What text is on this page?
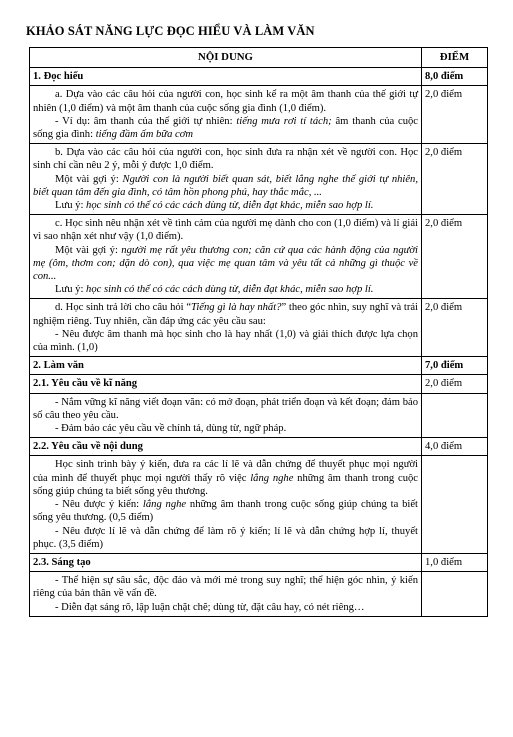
KHẢO SÁT NĂNG LỰC ĐỌC HIỂU VÀ LÀM VĂN
NỘI DUNG	ĐIỂM
1. Đọc hiểu	8,0 điểm

a. Dựa vào các câu hỏi của người con, học sinh kể ra một âm thanh của thế giới tự nhiên (1,0 điểm) và một âm thanh của cuộc sống gia đình (1,0 điểm).

- Ví dụ: âm thanh của thế giới tự nhiên: tiếng mưa rơi tí tách; âm thanh của cuộc sống gia đình: tiếng đầm ấm bữa cơm	2,0 điểm

b. Dựa vào các câu hỏi của người con, học sinh đưa ra nhận xét về người con. Học sinh chỉ cần nêu 2 ý, mỗi ý được 1,0 điểm.

Một vài gợi ý: Người con là người biết quan sát, biết lắng nghe thế giới tự nhiên, biết quan tâm đến gia đình, có tâm hồn phong phú, hay thắc mắc, ...

Lưu ý: học sinh có thể có các cách dùng từ, diễn đạt khác, miễn sao hợp lí.	2,0 điểm

c. Học sinh nêu nhận xét về tình cảm của người mẹ dành cho con (1,0 điểm) và lí giải vì sao nhận xét như vậy (1,0 điểm).

Một vài gợi ý: người mẹ rất yêu thương con; căn cứ qua các hành động của người mẹ (ôm, thơm con; dặn dò con), qua việc mẹ quan tâm và yêu tất cả những gì thuộc về con...

Lưu ý: học sinh có thể có các cách dùng từ, diễn đạt khác, miễn sao hợp lí.	2,0 điểm

d. Học sinh trả lời cho câu hỏi “Tiếng gì là hay nhất?” theo góc nhìn, suy nghĩ và trải nghiệm riêng. Tuy nhiên, cần đáp ứng các yêu cầu sau:

- Nêu được âm thanh mà học sinh cho là hay nhất (1,0) và giải thích được lựa chọn của mình. (1,0)	2,0 điểm
2. Làm văn	7,0 điểm
2.1. Yêu cầu về kĩ năng	2,0 điểm

- Nắm vững kĩ năng viết đoạn văn: có mở đoạn, phát triển đoạn và kết đoạn; đảm bảo số câu theo yêu cầu.

- Đảm bảo các yêu cầu về chính tả, dùng từ, ngữ pháp.	

2.2. Yêu cầu về nội dung	4,0 điểm

Học sinh trình bày ý kiến, đưa ra các lí lẽ và dẫn chứng để thuyết phục mọi người của mình để thuyết phục mọi người thấy rõ việc lắng nghe những âm thanh trong cuộc sống giúp chúng ta biết sống yêu thương.

- Nêu được ý kiến: lắng nghe những âm thanh trong cuộc sống giúp chúng ta biết sống yêu thương. (0,5 điểm)

- Nêu được lí lẽ và dẫn chứng để làm rõ ý kiến; lí lẽ và dẫn chứng hợp lí, thuyết phục. (3,5 điểm)	

2.3. Sáng tạo	1,0 điểm

- Thể hiện sự sâu sắc, độc đáo và mới mẻ trong suy nghĩ; thể hiện góc nhìn, ý kiến riêng của bản thân về vấn đề.

- Diễn đạt sáng rõ, lập luận chặt chẽ; dùng từ, đặt câu hay, có nét riêng…	
